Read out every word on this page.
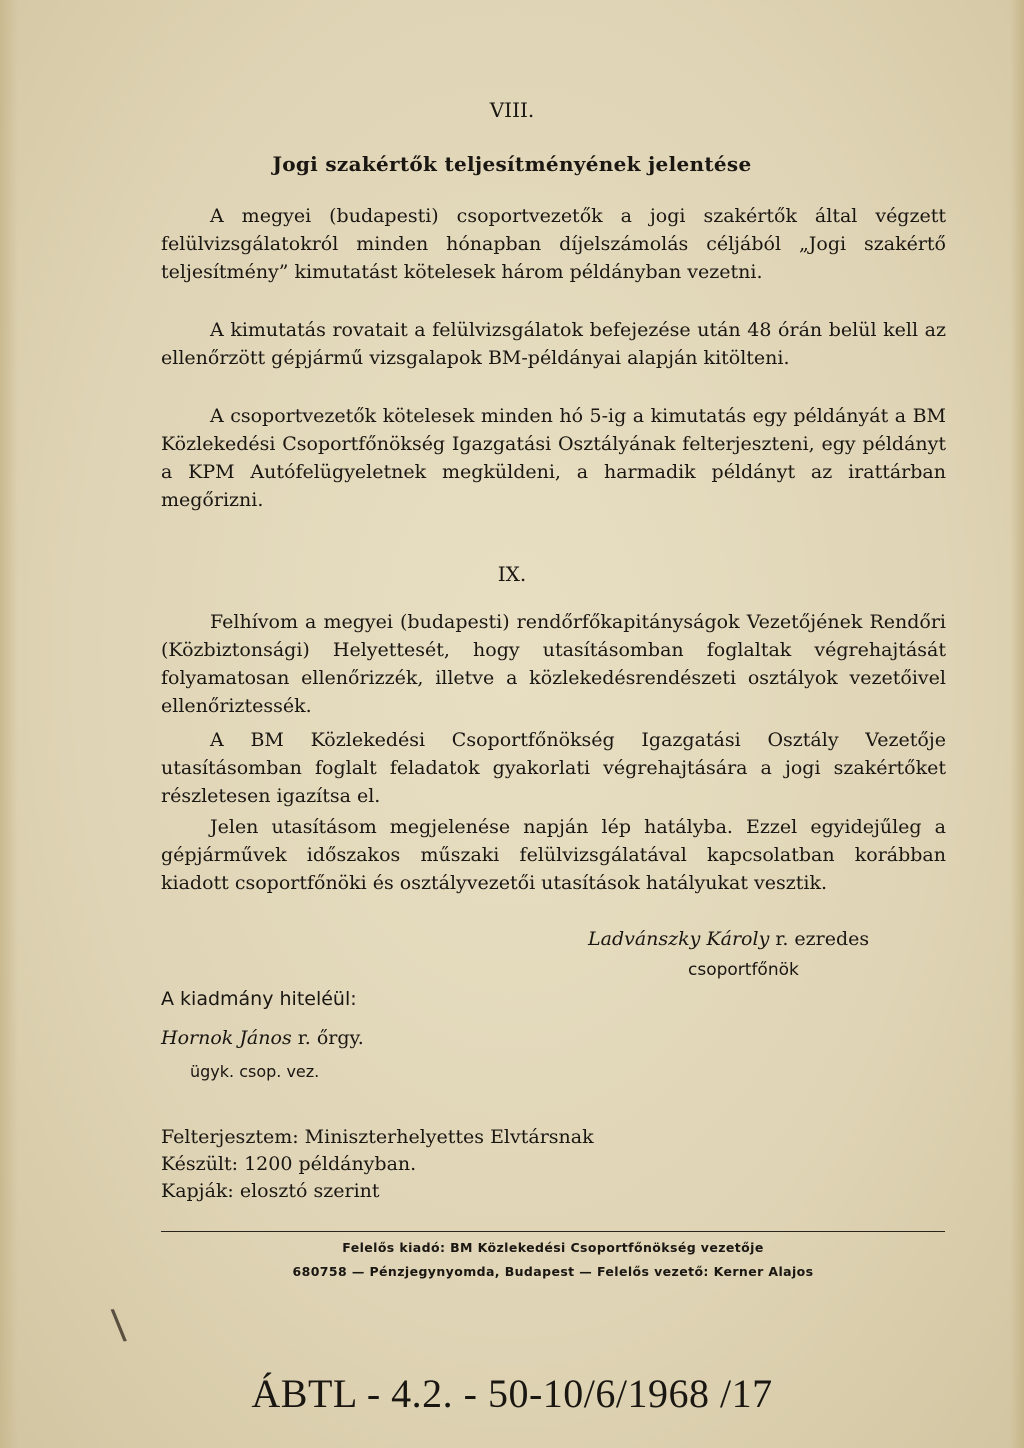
VIII.
Jogi szakértők teljesítményének jelentése
A megyei (budapesti) csoportvezetők a jogi szakértők által végzett felülvizsgálatokról minden hónapban díjelszámolás céljából „Jogi szakértő teljesítmény” kimutatást kötelesek három példányban vezetni.
A kimutatás rovatait a felülvizsgálatok befejezése után 48 órán belül kell az ellenőrzött gépjármű vizsgalapok BM-példányai alapján kitölteni.
A csoportvezetők kötelesek minden hó 5-ig a kimutatás egy példányát a BM Közlekedési Csoportfőnökség Igazgatási Osztályának felterjeszteni, egy példányt a KPM Autófelügyeletnek megküldeni, a harmadik példányt az irattárban megőrizni.
IX.
Felhívom a megyei (budapesti) rendőrfőkapitányságok Vezetőjének Rendőri (Közbiztonsági) Helyettesét, hogy utasításomban foglaltak végrehajtását folyamatosan ellenőrizzék, illetve a közlekedésrendészeti osztályok vezetőivel ellenőriztessék.
A BM Közlekedési Csoportfőnökség Igazgatási Osztály Vezetője utasításomban foglalt feladatok gyakorlati végrehajtására a jogi szakértőket részletesen igazítsa el.
Jelen utasításom megjelenése napján lép hatályba. Ezzel egyidejűleg a gépjárművek időszakos műszaki felülvizsgálatával kapcsolatban korábban kiadott csoportfőnöki és osztályvezetői utasítások hatályukat vesztik.
Ladvánszky Károly r. ezredes
csoportfőnök
A kiadmány hiteléül:
Hornok János r. őrgy.
ügyk. csop. vez.
Felterjesztem: Miniszterhelyettes Elvtársnak
Készült: 1200 példányban.
Kapják: elosztó szerint
Felelős kiadó: BM Közlekedési Csoportfőnökség vezetője
680758 — Pénzjegynyomda, Budapest — Felelős vezető: Kerner Alajos
ÁBTL - 4.2. - 50-10/6/1968 /17
\
